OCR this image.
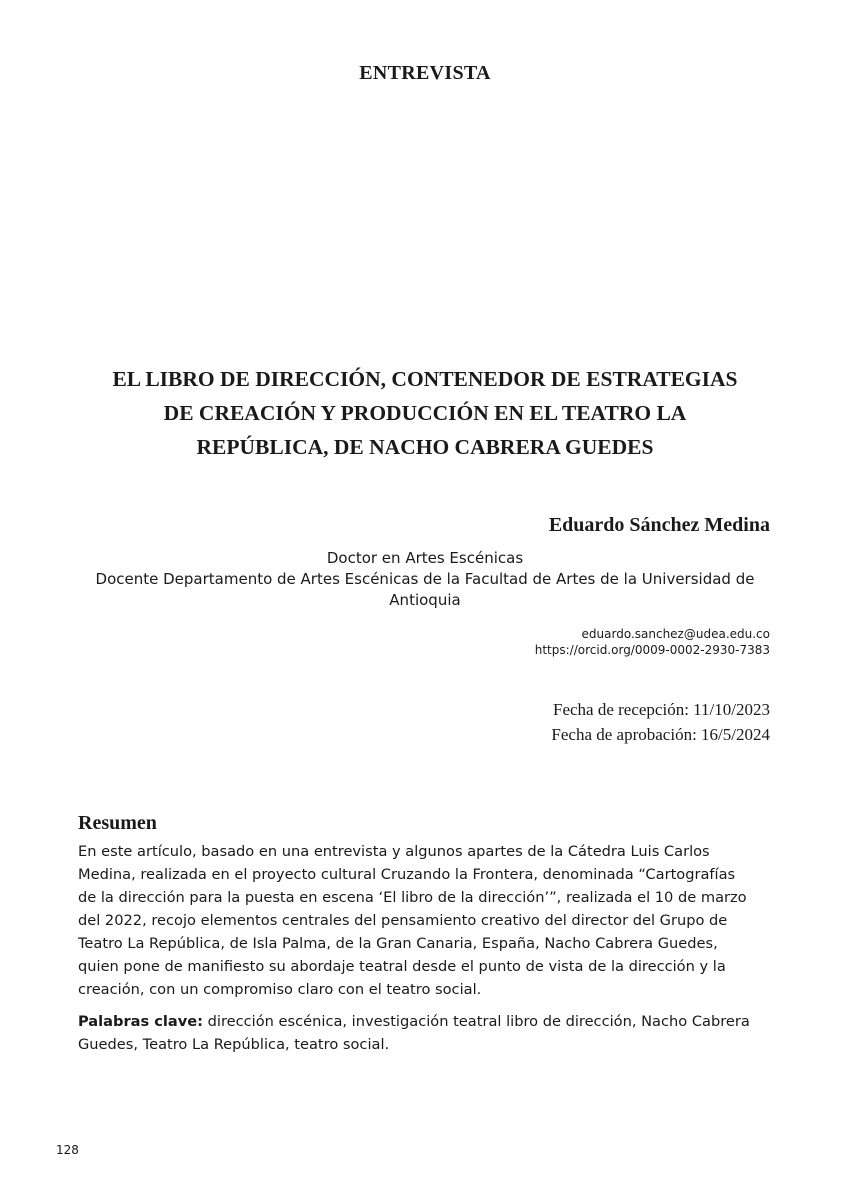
ENTREVISTA
EL LIBRO DE DIRECCIÓN, CONTENEDOR DE ESTRATEGIAS
DE CREACIÓN Y PRODUCCIÓN EN EL TEATRO LA
REPÚBLICA, DE NACHO CABRERA GUEDES
Eduardo Sánchez Medina
Doctor en Artes Escénicas
Docente Departamento de Artes Escénicas de la Facultad de Artes de la Universidad de
Antioquia
eduardo.sanchez@udea.edu.co
https://orcid.org/0009-0002-2930-7383
Fecha de recepción: 11/10/2023
Fecha de aprobación: 16/5/2024
Resumen

En este artículo, basado en una entrevista y algunos apartes de la Cátedra Luis Carlos
Medina, realizada en el proyecto cultural Cruzando la Frontera, denominada “Cartografías
de la dirección para la puesta en escena ‘El libro de la dirección’”, realizada el 10 de marzo
del 2022, recojo elementos centrales del pensamiento creativo del director del Grupo de
Teatro La República, de Isla Palma, de la Gran Canaria, España, Nacho Cabrera Guedes,
quien pone de manifiesto su abordaje teatral desde el punto de vista de la dirección y la
creación, con un compromiso claro con el teatro social.

Palabras clave: dirección escénica, investigación teatral libro de dirección, Nacho Cabrera
Guedes, Teatro La República, teatro social.

128
